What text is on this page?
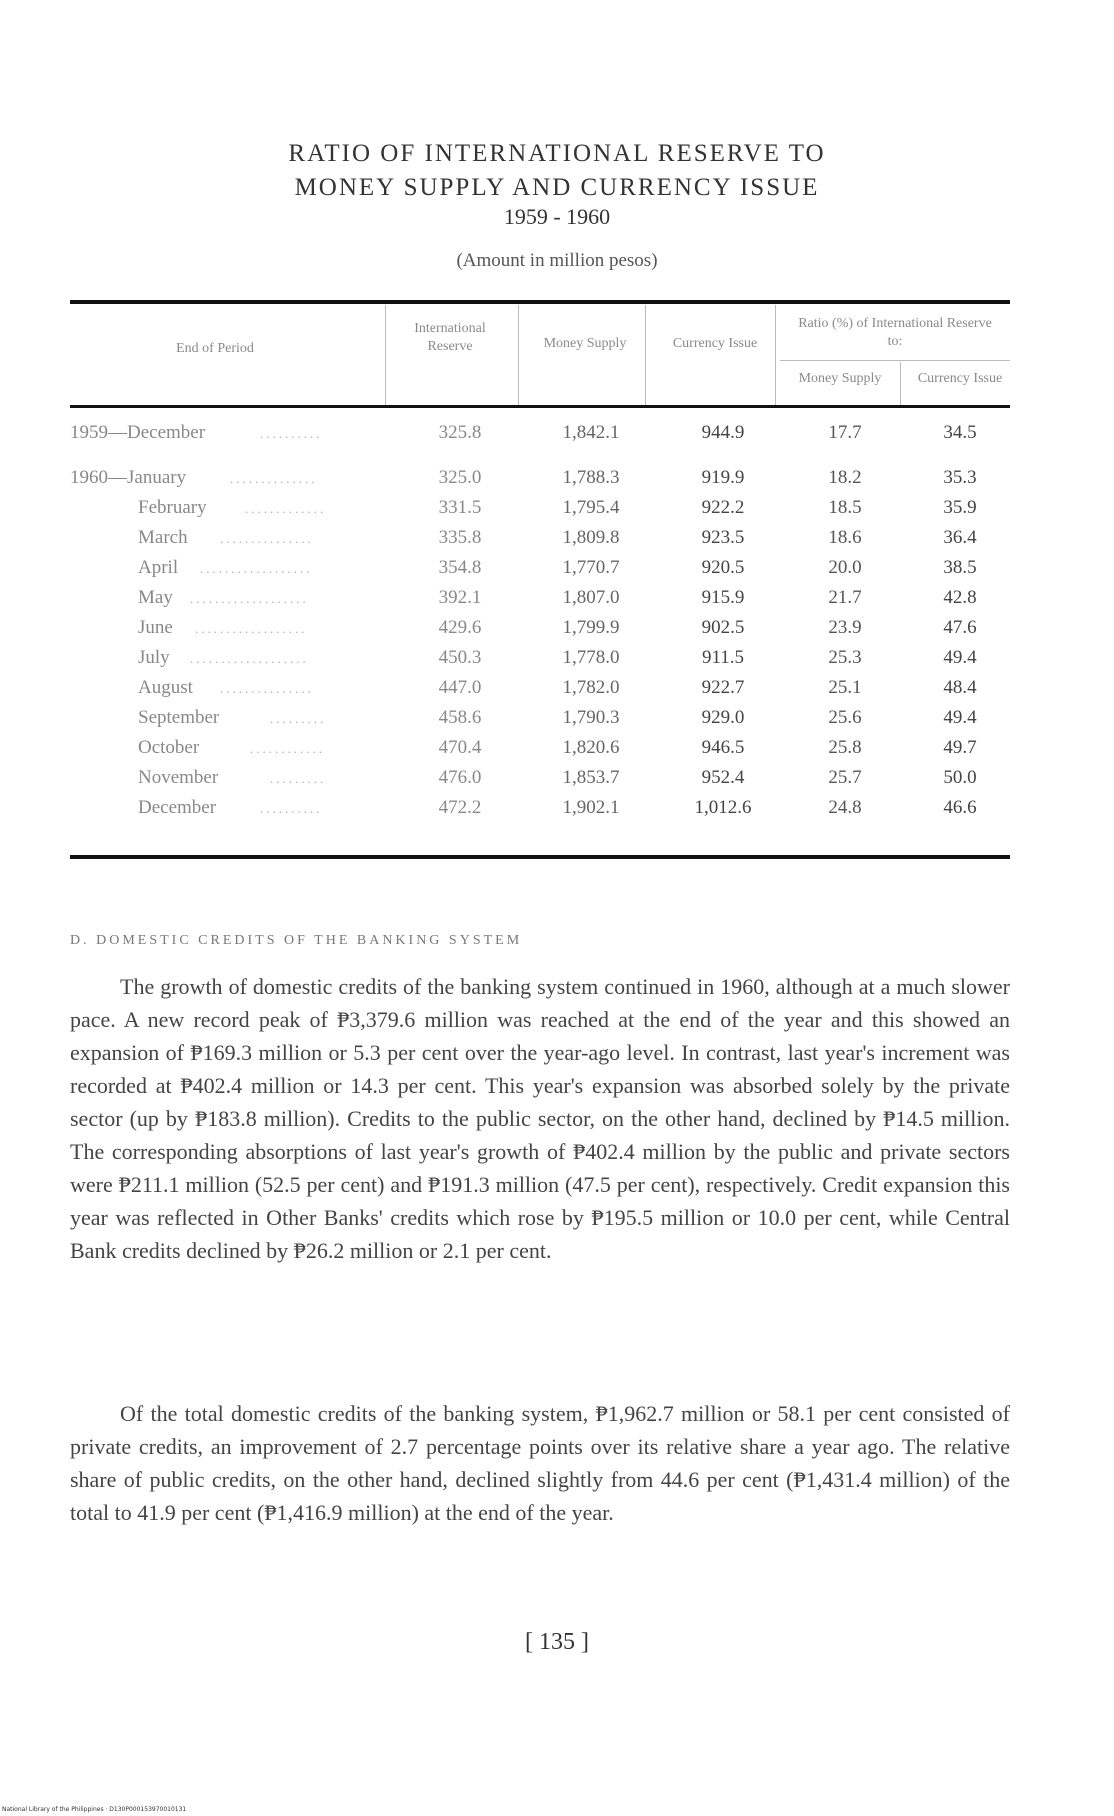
RATIO OF INTERNATIONAL RESERVE TO
MONEY SUPPLY AND CURRENCY ISSUE
1959 - 1960
(Amount in million pesos)
End of Period
International Reserve	Money Supply	Currency Issue
Ratio (%) of International Reserve to:
Money Supply	Currency Issue
1959—December	..........	325.8	1,842.1	944.9	17.7	34.5
1960—January	..............	325.0	1,788.3	919.9	18.2	35.3
February	.............	331.5	1,795.4	922.2	18.5	35.9
March ...............	335.8	1,809.8	923.5	18.6	36.4
April ..................	354.8	1,770.7	920.5	20.0	38.5
May ...................	392.1	1,807.0	915.9	21.7	42.8
June ..................	429.6	1,799.9	902.5	23.9	47.6
July ...................	450.3	1,778.0	911.5	25.3	49.4
August ...............	447.0	1,782.0	922.7	25.1	48.4
September	.........	458.6	1,790.3	929.0	25.6	49.4
October	............	470.4	1,820.6	946.5	25.8	49.7
November	.........	476.0	1,853.7	952.4	25.7	50.0
December	..........	472.2	1,902.1	1,012.6	24.8	46.6
D. DOMESTIC CREDITS OF THE BANKING SYSTEM

The growth of domestic credits of the banking system continued in 1960, although at a much slower pace. A new record peak of ₱3,379.6 million was reached at the end of the year and this showed an expansion of ₱169.3 million or 5.3 per cent over the year-ago level. In contrast, last year's increment was recorded at ₱402.4 million or 14.3 per cent. This year's expansion was absorbed solely by the private sector (up by ₱183.8 million). Credits to the public sector, on the other hand, declined by ₱14.5 million. The corresponding absorptions of last year's growth of ₱402.4 million by the public and private sectors were ₱211.1 million (52.5 per cent) and ₱191.3 million (47.5 per cent), respectively. Credit expansion this year was reflected in Other Banks' credits which rose by ₱195.5 million or 10.0 per cent, while Central Bank credits declined by ₱26.2 million or 2.1 per cent.

Of the total domestic credits of the banking system, ₱1,962.7 million or 58.1 per cent consisted of private credits, an improvement of 2.7 percentage points over its relative share a year ago. The relative share of public credits, on the other hand, declined slightly from 44.6 per cent (₱1,431.4 million) of the total to 41.9 per cent (₱1,416.9 million) at the end of the year.

[ 135 ]
National Library of the Philippines · D130P000153970010131
